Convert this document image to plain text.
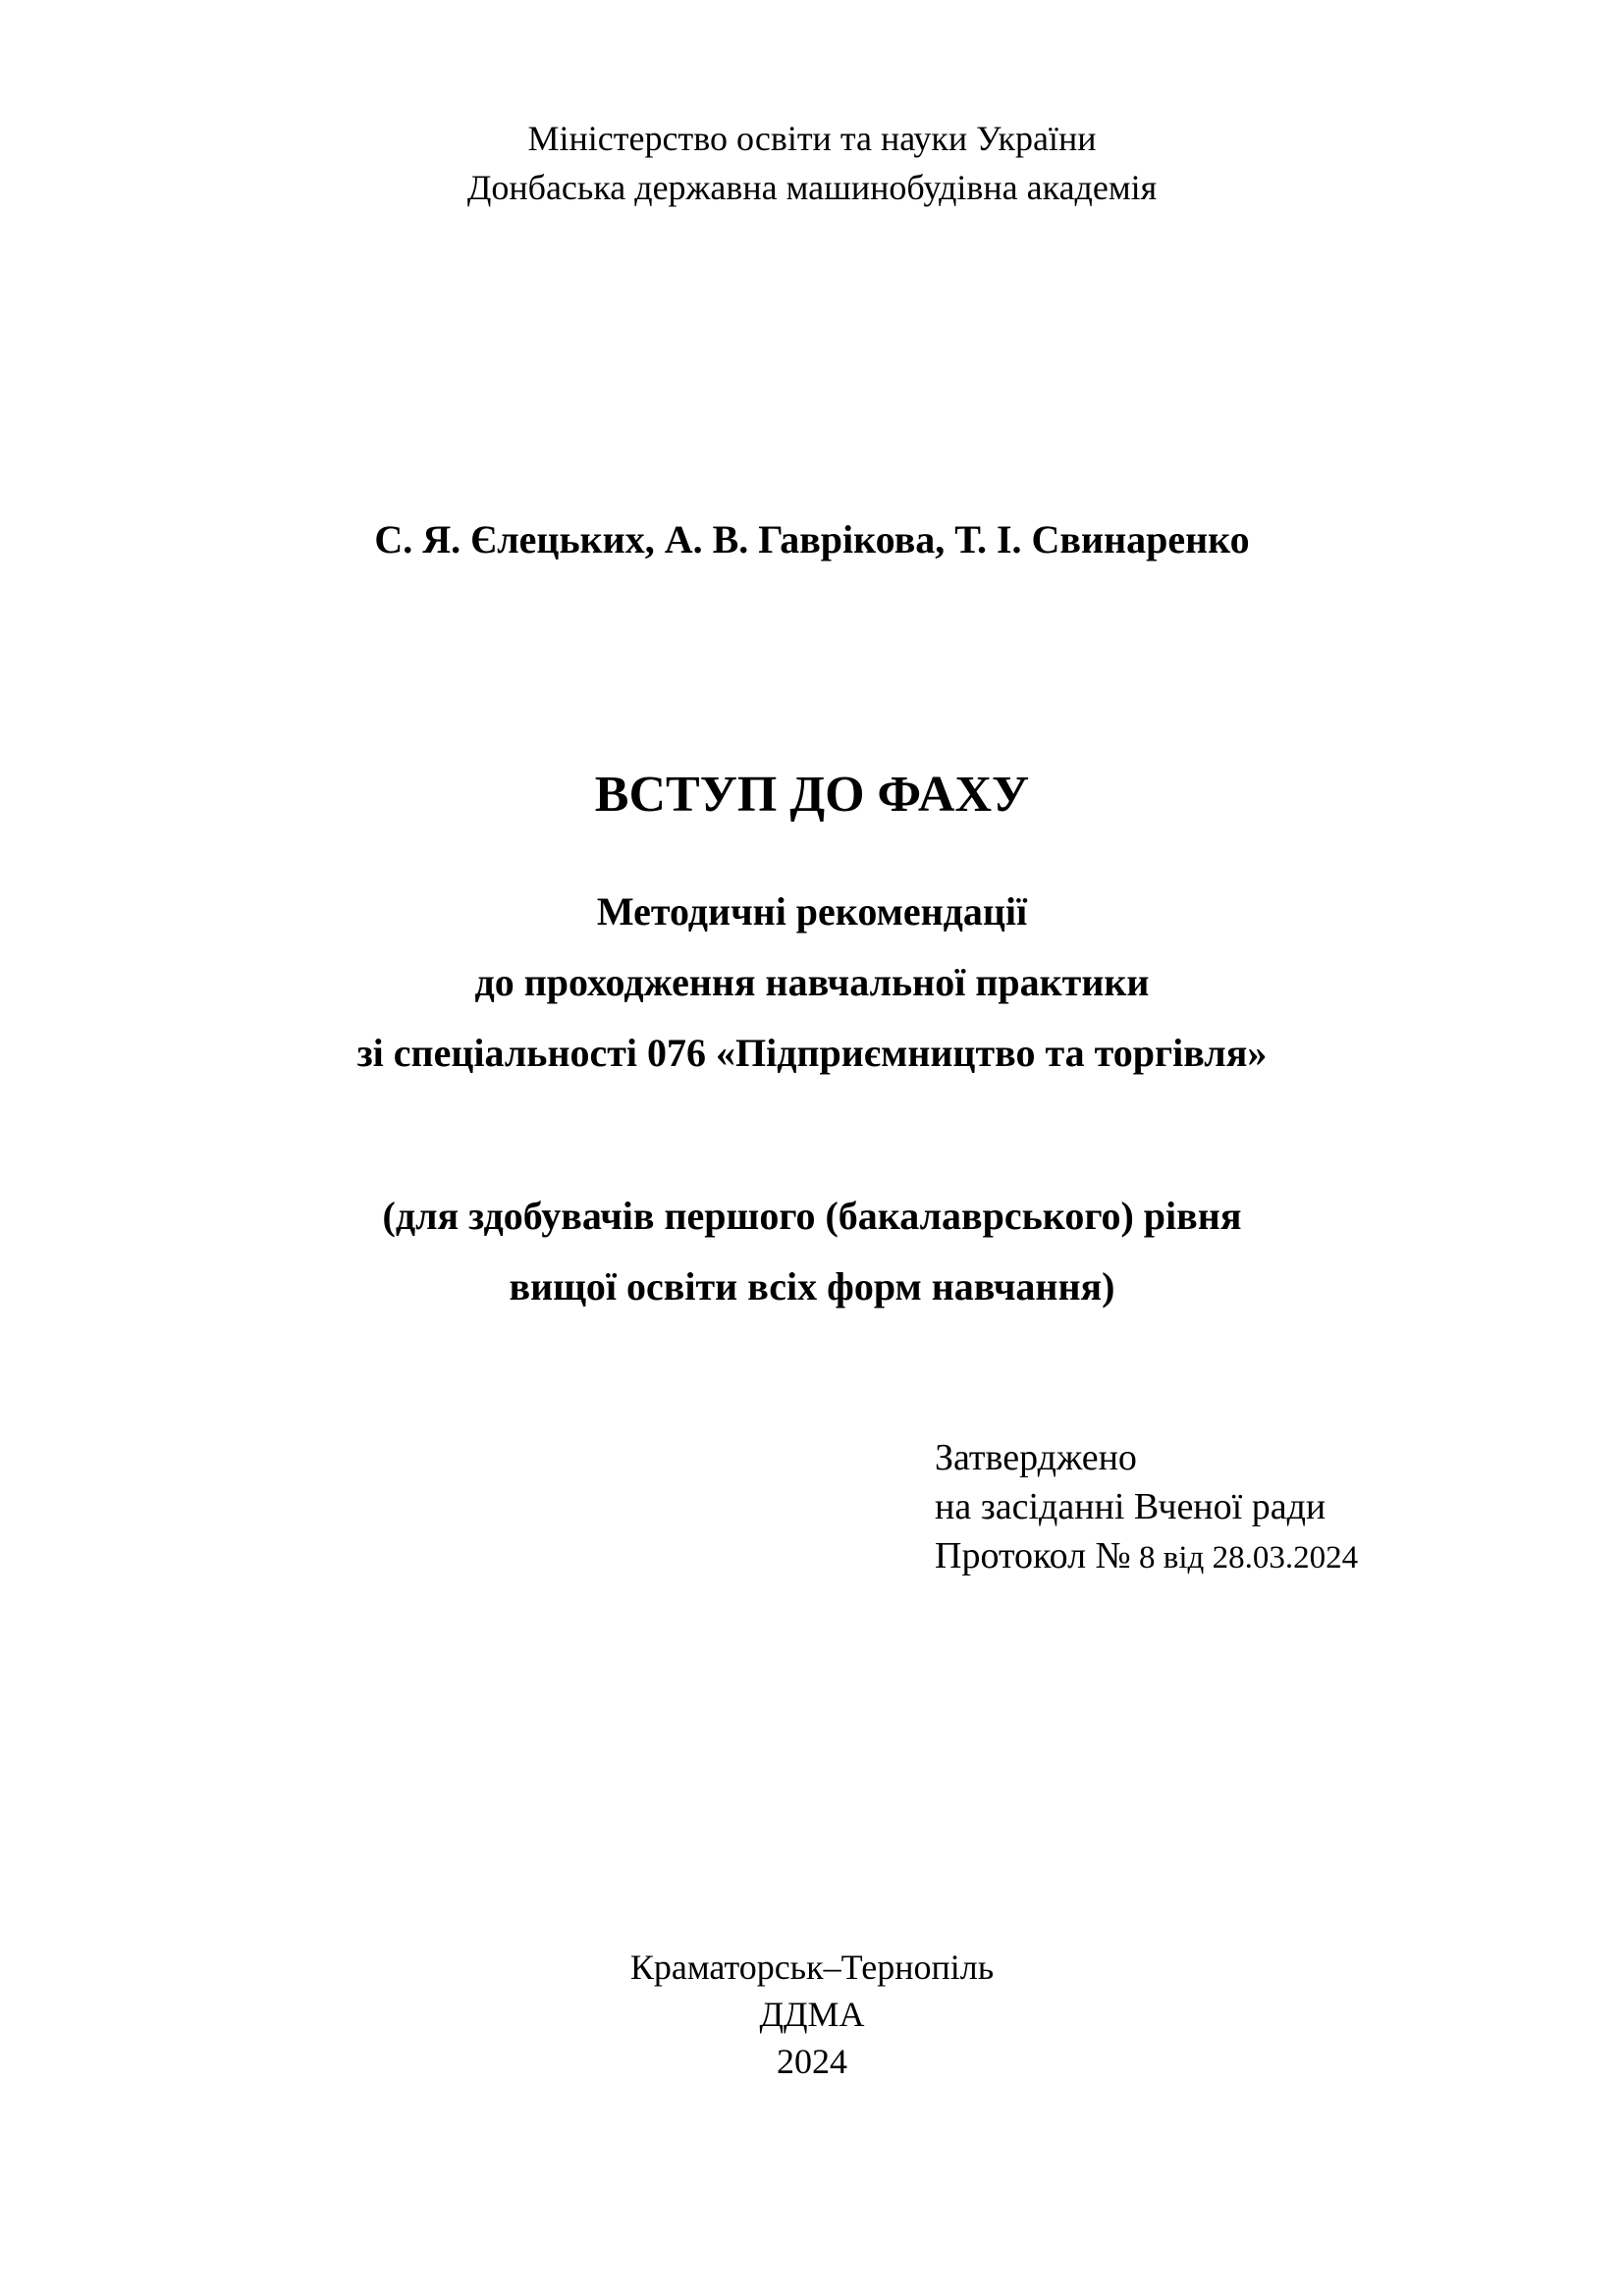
Міністерство освіти та науки України
Донбаська державна машинобудівна академія
С. Я. Єлецьких, А. В. Гаврікова, Т. І. Свинаренко
ВСТУП ДО ФАХУ
Методичні рекомендації
до проходження навчальної практики
зі спеціальності 076 «Підприємництво та торгівля»
(для здобувачів першого (бакалаврського) рівня
вищої освіти всіх форм навчання)
Затверджено
на засіданні Вченої ради
Протокол № 8 від 28.03.2024
Краматорськ–Тернопіль
ДДМА
2024
